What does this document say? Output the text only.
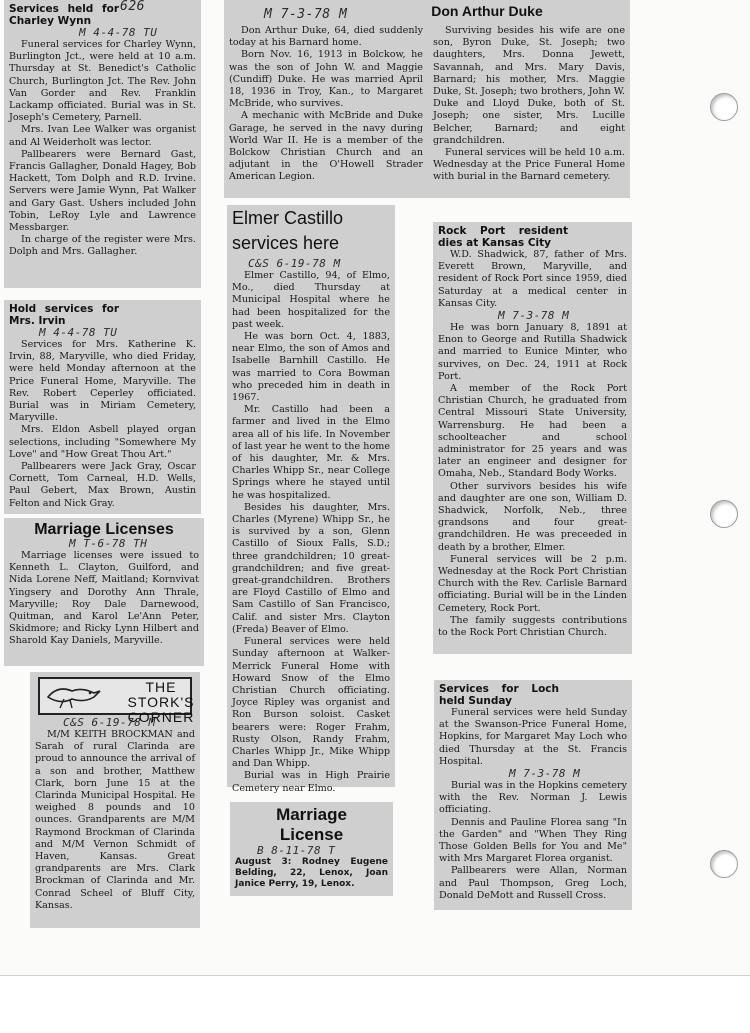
Services held for Charley Wynn
626
M 4-4-78 TU

Funeral services for Charley Wynn, Burlington Jct., were held at 10 a.m. Thursday at St. Benedict's Catholic Church, Burlington Jct. The Rev. John Van Gorder and Rev. Franklin Lackamp officiated. Burial was in St. Joseph's Cemetery, Parnell.

Mrs. Ivan Lee Walker was organist and Al Weiderholt was lector.

Pallbearers were Bernard Gast, Francis Gallagher, Donald Hagey, Bob Hackett, Tom Dolph and R.D. Irvine. Servers were Jamie Wynn, Pat Walker and Gary Gast. Ushers included John Tobin, LeRoy Lyle and Lawrence Messbarger.

In charge of the register were Mrs. Dolph and Mrs. Gallagher.

Hold services for Mrs. Irvin
M 4-4-78 TU

Services for Mrs. Katherine K. Irvin, 88, Maryville, who died Friday, were held Monday afternoon at the Price Funeral Home, Maryville. The Rev. Robert Ceperley officiated. Burial was in Miriam Cemetery, Maryville.

Mrs. Eldon Asbell played organ selections, including "Somewhere My Love" and "How Great Thou Art."

Pallbearers were Jack Gray, Oscar Cornett, Tom Carneal, H.D. Wells, Paul Gebert, Max Brown, Austin Felton and Nick Gray.

Marriage Licenses
M T-6-78 TH

Marriage licenses were issued to Kenneth L. Clayton, Guilford, and Nida Lorene Neff, Maitland; Kornvivat Yingsery and Dorothy Ann Thrale, Maryville; Roy Dale Darnewood, Quitman, and Karol Le'Ann Peter, Skidmore; and Ricky Lynn Hilbert and Sharold Kay Daniels, Maryville.

THE
STORK'S CORNER
C&S 6-19-78 M

M/M KEITH BROCKMAN and Sarah of rural Clarinda are proud to announce the arrival of a son and brother, Matthew Clark, born June 15 at the Clarinda Municipal Hospital. He weighed 8 pounds and 10 ounces. Grandparents are M/M Raymond Brockman of Clarinda and M/M Vernon Schmidt of Haven, Kansas. Great grandparents are Mrs. Clark Brockman of Clarinda and Mr. Conrad Scheel of Bluff City, Kansas.

M 7-3-78 M	Don Arthur Duke

Don Arthur Duke, 64, died suddenly today at his Barnard home.

Born Nov. 16, 1913 in Bolckow, he was the son of John W. and Maggie (Cundiff) Duke. He was married April 18, 1936 in Troy, Kan., to Margaret McBride, who survives.

A mechanic with McBride and Duke Garage, he served in the navy during World War II. He is a member of the Bolckow Christian Church and an adjutant in the O'Howell Strader American Legion.

Surviving besides his wife are one son, Byron Duke, St. Joseph; two daughters, Mrs. Donna Jewett, Savannah, and Mrs. Mary Davis, Barnard; his mother, Mrs. Maggie Duke, St. Joseph; two brothers, John W. Duke and Lloyd Duke, both of St. Joseph; one sister, Mrs. Lucille Belcher, Barnard; and eight grandchildren.

Funeral services will be held 10 a.m. Wednesday at the Price Funeral Home with burial in the Barnard cemetery.

Elmer Castillo
services here
C&S 6-19-78 M

Elmer Castillo, 94, of Elmo, Mo., died Thursday at Municipal Hospital where he had been hospitalized for the past week.

He was born Oct. 4, 1883, near Elmo, the son of Amos and Isabelle Barnhill Castillo. He was married to Cora Bowman who preceded him in death in 1967.

Mr. Castillo had been a farmer and lived in the Elmo area all of his life. In November of last year he went to the home of his daughter, Mr. & Mrs. Charles Whipp Sr., near College Springs where he stayed until he was hospitalized.

Besides his daughter, Mrs. Charles (Myrene) Whipp Sr., he is survived by a son, Glenn Castillo of Sioux Falls, S.D.; three grandchildren; 10 great-grandchildren; and five great-great-grandchildren. Brothers are Floyd Castillo of Elmo and Sam Castillo of San Francisco, Calif. and sister Mrs. Clayton (Freda) Beaver of Elmo.

Funeral services were held Sunday afternoon at Walker-Merrick Funeral Home with Howard Snow of the Elmo Christian Church officiating. Joyce Ripley was organist and Ron Burson soloist. Casket bearers were: Roger Frahm, Rusty Olson, Randy Frahm, Charles Whipp Jr., Mike Whipp and Dan Whipp.

Burial was in High Prairie Cemetery near Elmo.

Marriage
License
B 8-11-78 T
August 3: Rodney Eugene Belding, 22, Lenox, Joan Janice Perry, 19, Lenox.
Rock Port resident dies at Kansas City

W.D. Shadwick, 87, father of Mrs. Everett Brown, Maryville, and resident of Rock Port since 1959, died Saturday at a medical center in Kansas City.

M 7-3-78 M

He was born January 8, 1891 at Enon to George and Rutilla Shadwick and married to Eunice Minter, who survives, on Dec. 24, 1911 at Rock Port.

A member of the Rock Port Christian Church, he graduated from Central Missouri State University, Warrensburg. He had been a schoolteacher and school administrator for 25 years and was later an engineer and designer for Omaha, Neb., Standard Body Works.

Other survivors besides his wife and daughter are one son, William D. Shadwick, Norfolk, Neb., three grandsons and four great-grandchildren. He was preceeded in death by a brother, Elmer.

Funeral services will be 2 p.m. Wednesday at the Rock Port Christian Church with the Rev. Carlisle Barnard officiating. Burial will be in the Linden Cemetery, Rock Port.

The family suggests contributions to the Rock Port Christian Church.

Services for Loch held Sunday

Funeral services were held Sunday at the Swanson-Price Funeral Home, Hopkins, for Margaret May Loch who died Thursday at the St. Francis Hospital.

M 7-3-78 M

Burial was in the Hopkins cemetery with the Rev. Norman J. Lewis officiating.

Dennis and Pauline Florea sang "In the Garden" and "When They Ring Those Golden Bells for You and Me" with Mrs Margaret Florea organist.

Pallbearers were Allan, Norman and Paul Thompson, Greg Loch, Donald DeMott and Russell Cross.
